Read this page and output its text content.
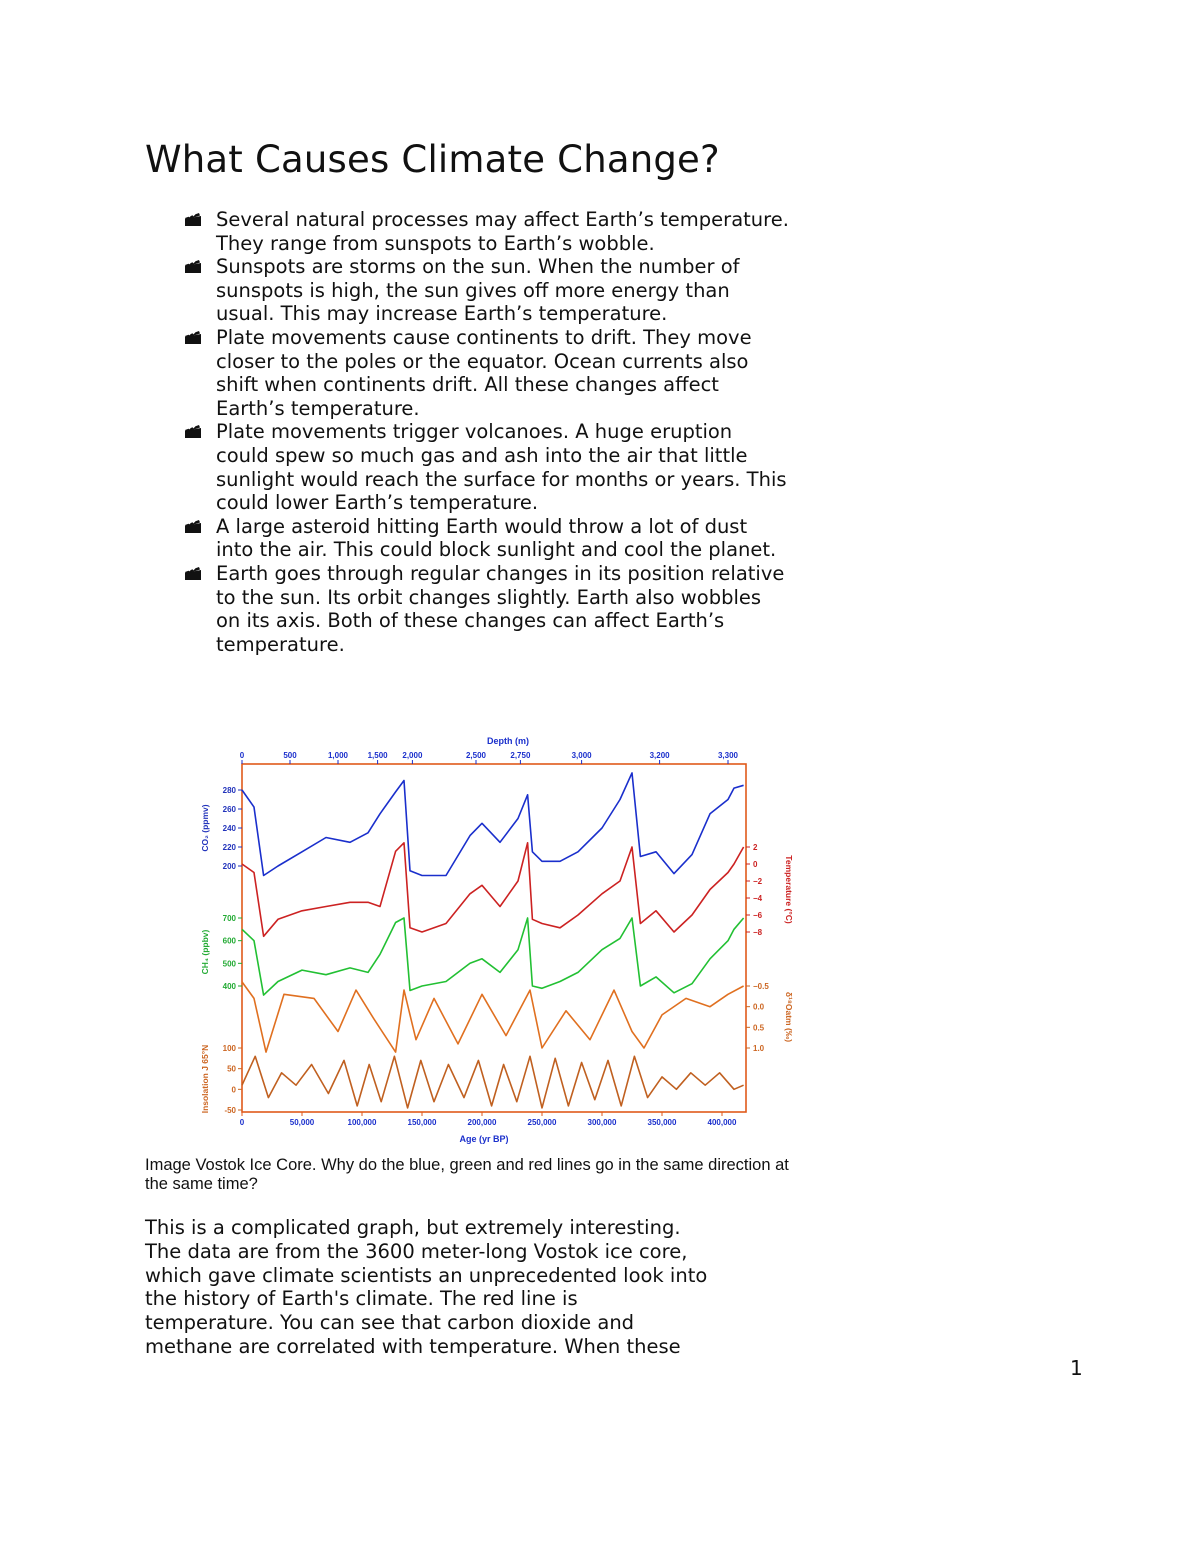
What Causes Climate Change?
Several natural processes may affect Earth’s temperature. They range from sunspots to Earth’s wobble.
Sunspots are storms on the sun. When the number of sunspots is high, the sun gives off more energy than usual. This may increase Earth’s temperature.
Plate movements cause continents to drift. They move closer to the poles or the equator. Ocean currents also shift when continents drift. All these changes affect Earth’s temperature.
Plate movements trigger volcanoes. A huge eruption could spew so much gas and ash into the air that little sunlight would reach the surface for months or years. This could lower Earth’s temperature.
A large asteroid hitting Earth would throw a lot of dust into the air. This could block sunlight and cool the planet.
Earth goes through regular changes in its position relative to the sun. Its orbit changes slightly. Earth also wobbles on its axis. Both of these changes can affect Earth’s temperature.
Depth (m)
0	500	1,000 1,500 2,000	2,500	2,750	3,000	3,200	3,300
0	50,000	100,000	150,000	200,000	250,000	300,000	350,000	400,000
Age (yr BP)
280
260
240
220
200
CO₂ (ppmv)
700
600
500
400
CH₄ (ppbv)
100
50
0
-50
Insolation J 65°N
2
0
−2
−4
−6
−8
Temperature (°C)
−0.5
0.0
0.5
1.0
δ¹⁸Oatm (‰)
Image Vostok Ice Core. Why do the blue, green and red lines go in the same direction at the same time?
This is a complicated graph, but extremely interesting.
The data are from the 3600 meter-long Vostok ice core,
which gave climate scientists an unprecedented look into
the history of Earth's climate. The red line is
temperature. You can see that carbon dioxide and
methane are correlated with temperature. When these
1
